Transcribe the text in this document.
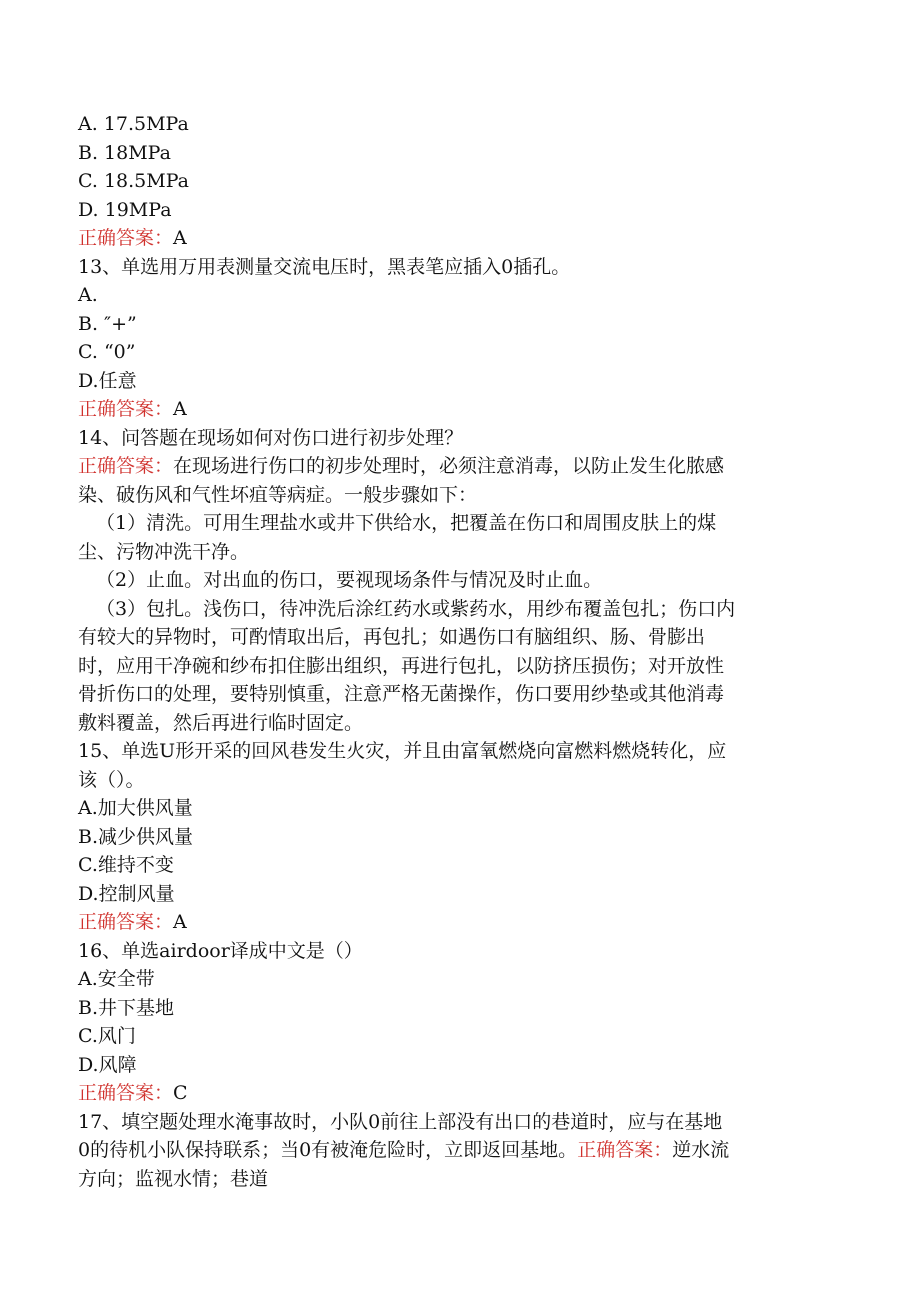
A. 17.5MPa
B. 18MPa
C. 18.5MPa
D. 19MPa
正确答案：A
13、单选用万用表测量交流电压时，黑表笔应插入0插孔。
A.
B. ″+”
C. “0”
D.任意
正确答案：A
14、问答题在现场如何对伤口进行初步处理？
正确答案：在现场进行伤口的初步处理时，必须注意消毒，以防止发生化脓感
染、破伤风和气性坏疽等病症。一般步骤如下：
（1）清洗。可用生理盐水或井下供给水，把覆盖在伤口和周围皮肤上的煤
尘、污物冲洗干净。
（2）止血。对出血的伤口，要视现场条件与情况及时止血。
（3）包扎。浅伤口，待冲洗后涂红药水或紫药水，用纱布覆盖包扎；伤口内
有较大的异物时，可酌情取出后，再包扎；如遇伤口有脑组织、肠、骨膨出
时，应用干净碗和纱布扣住膨出组织，再进行包扎，以防挤压损伤；对开放性
骨折伤口的处理，要特别慎重，注意严格无菌操作，伤口要用纱垫或其他消毒
敷料覆盖，然后再进行临时固定。
15、单选U形开采的回风巷发生火灾，并且由富氧燃烧向富燃料燃烧转化，应
该（）。
A.加大供风量
B.减少供风量
C.维持不变
D.控制风量
正确答案：A
16、单选airdoor译成中文是（）
A.安全带
B.井下基地
C.风门
D.风障
正确答案：C
17、填空题处理水淹事故时，小队0前往上部没有出口的巷道时，应与在基地
0的待机小队保持联系；当0有被淹危险时，立即返回基地。正确答案：逆水流
方向；监视水情；巷道
